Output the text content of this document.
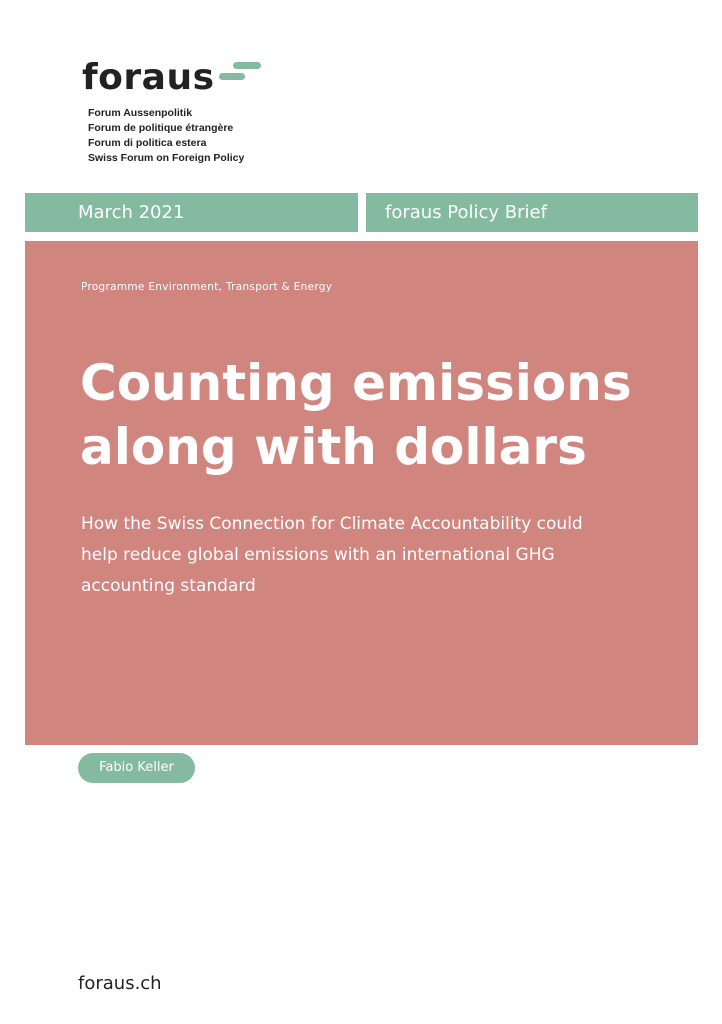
foraus
Forum Aussenpolitik
Forum de politique étrangère
Forum di politica estera
Swiss Forum on Foreign Policy
March 2021	foraus Policy Brief
Programme Environment, Transport & Energy
Counting emissions
along with dollars
How the Swiss Connection for Climate Accountability could
help reduce global emissions with an international GHG
accounting standard
Fabio Keller
foraus.ch
